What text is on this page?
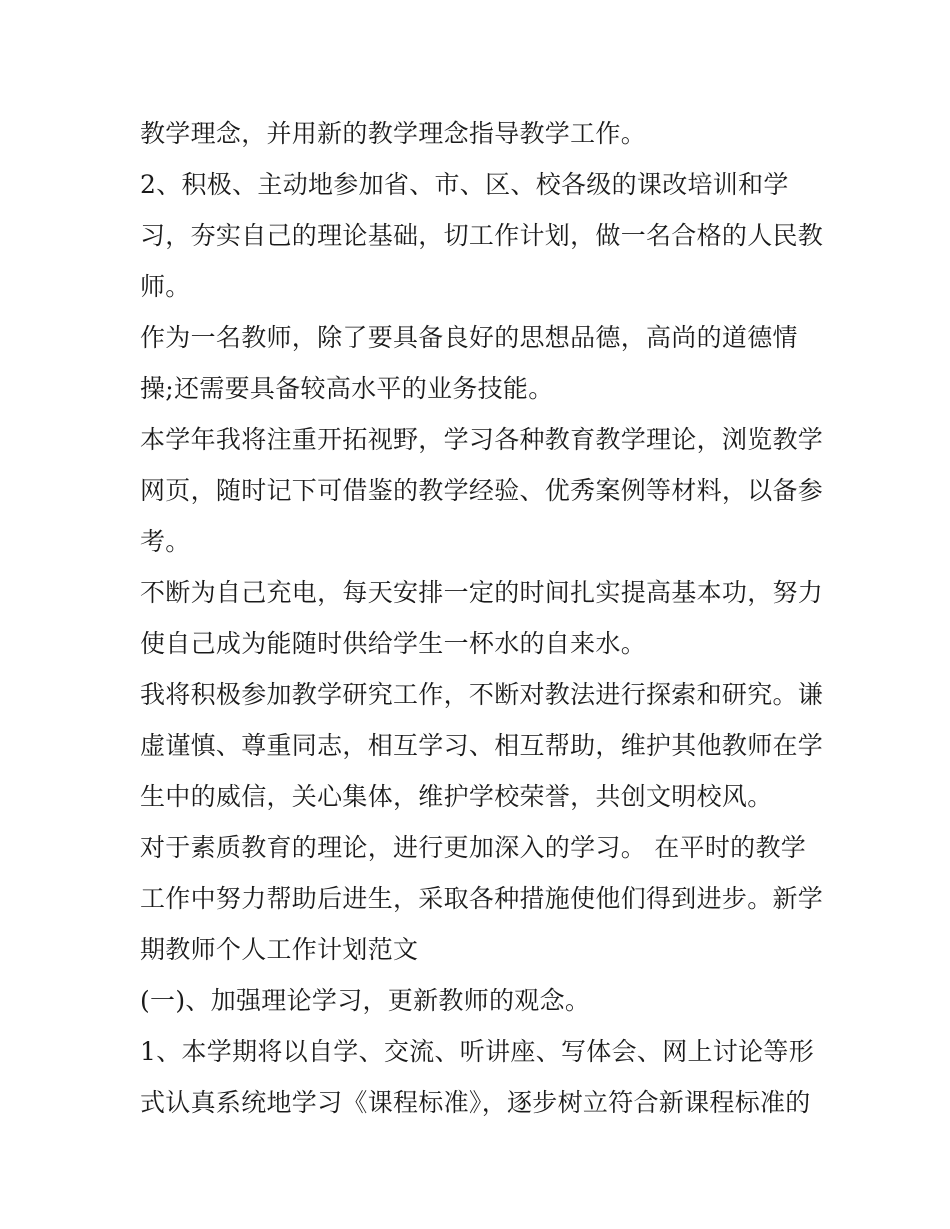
教学理念，并用新的教学理念指导教学工作。
2、积极、主动地参加省、市、区、校各级的课改培训和学
习，夯实自己的理论基础，切工作计划，做一名合格的人民教
师。
作为一名教师，除了要具备良好的思想品德，高尚的道德情
操;还需要具备较高水平的业务技能。
本学年我将注重开拓视野，学习各种教育教学理论，浏览教学
网页，随时记下可借鉴的教学经验、优秀案例等材料，以备参
考。
不断为自己充电，每天安排一定的时间扎实提高基本功，努力
使自己成为能随时供给学生一杯水的自来水。
我将积极参加教学研究工作，不断对教法进行探索和研究。谦
虚谨慎、尊重同志，相互学习、相互帮助，维护其他教师在学
生中的威信，关心集体，维护学校荣誉，共创文明校风。
对于素质教育的理论，进行更加深入的学习。 在平时的教学
工作中努力帮助后进生，采取各种措施使他们得到进步。新学
期教师个人工作计划范文
(一)、加强理论学习，更新教师的观念。
1、本学期将以自学、交流、听讲座、写体会、网上讨论等形
式认真系统地学习《课程标准》，逐步树立符合新课程标准的
